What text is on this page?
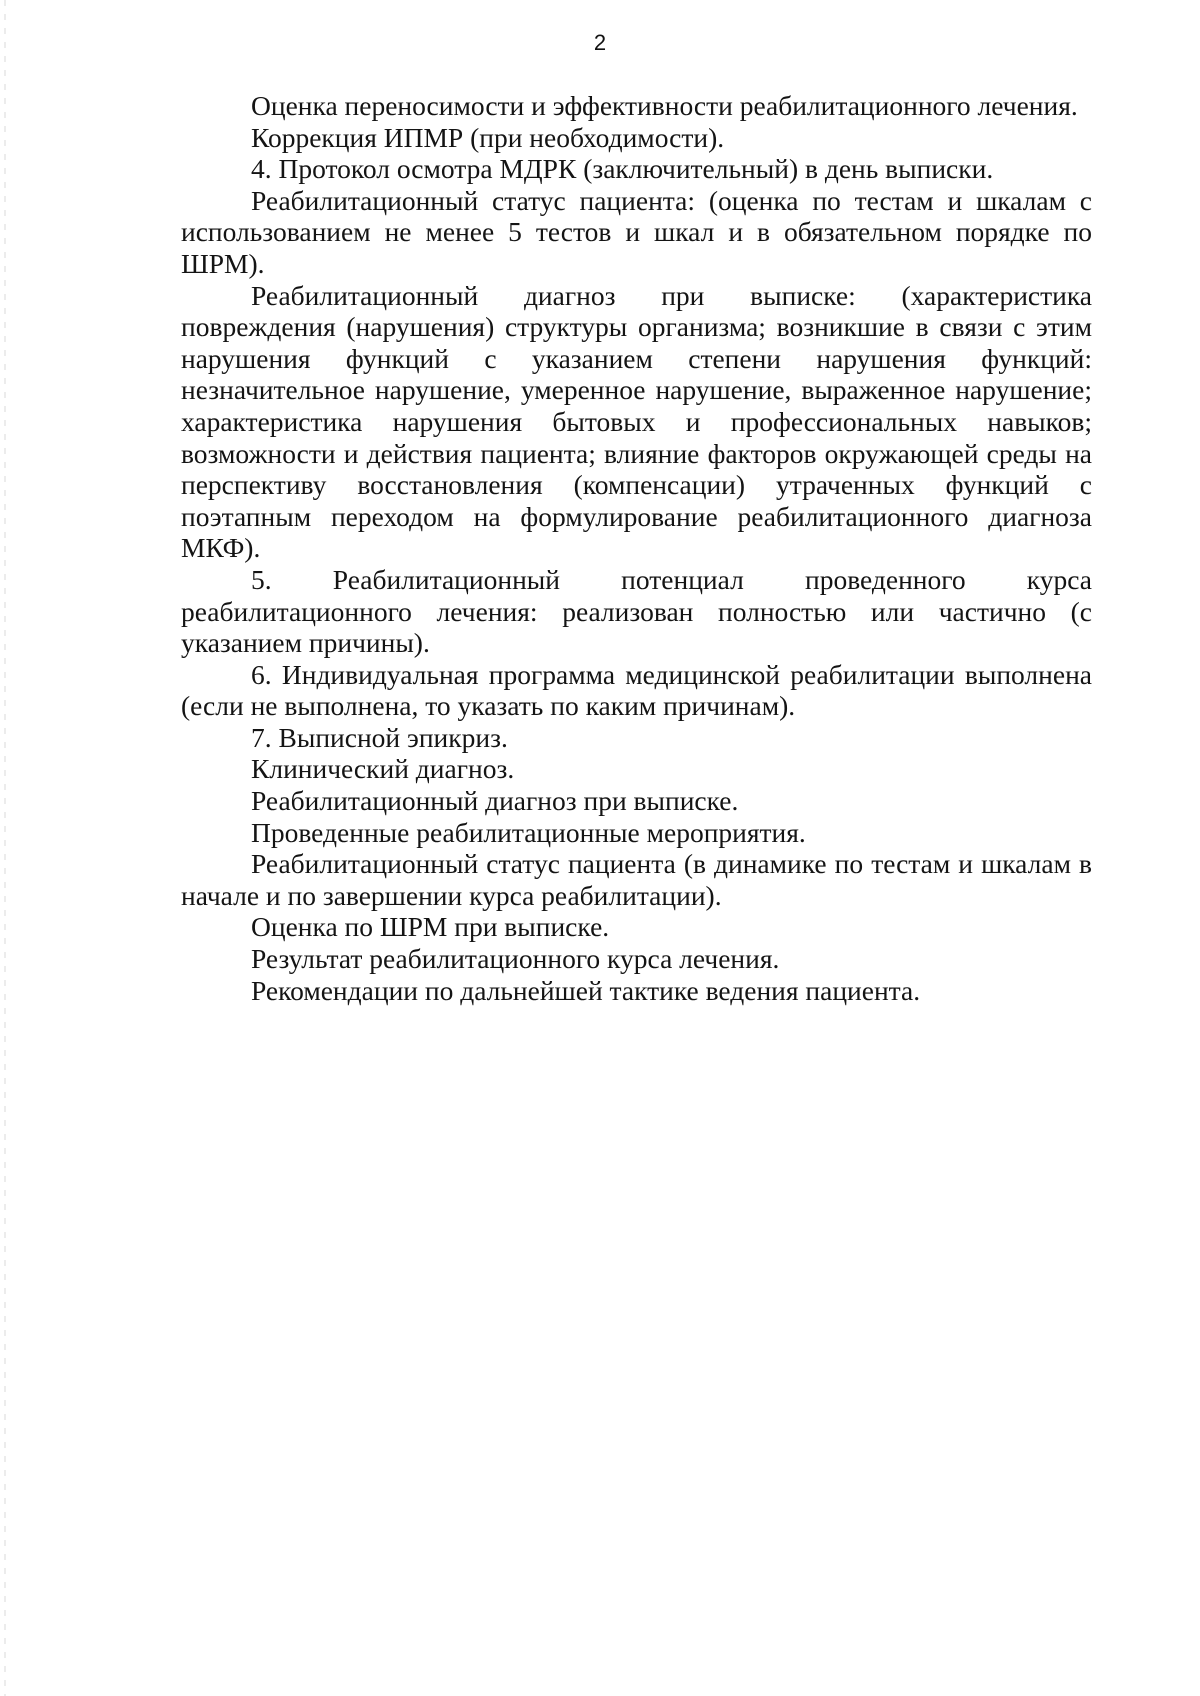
2

Оценка переносимости и эффективности реабилитационного лечения.

Коррекция ИПМР (при необходимости).

4. Протокол осмотра МДРК (заключительный) в день выписки.

Реабилитационный статус пациента: (оценка по тестам и шкалам с использованием не менее 5 тестов и шкал и в обязательном порядке по ШРМ).

Реабилитационный диагноз при выписке: (характеристика повреждения (нарушения) структуры организма; возникшие в связи с этим нарушения функций с указанием степени нарушения функций: незначительное нарушение, умеренное нарушение, выраженное нарушение; характеристика нарушения бытовых и профессиональных навыков; возможности и действия пациента; влияние факторов окружающей среды на перспективу восстановления (компенсации) утраченных функций с поэтапным переходом на формулирование реабилитационного диагноза МКФ).

5. Реабилитационный потенциал проведенного курса реабилитационного лечения: реализован полностью или частично (с указанием причины).

6. Индивидуальная программа медицинской реабилитации выполнена (если не выполнена, то указать по каким причинам).

7. Выписной эпикриз.

Клинический диагноз.

Реабилитационный диагноз при выписке.

Проведенные реабилитационные мероприятия.

Реабилитационный статус пациента (в динамике по тестам и шкалам в начале и по завершении курса реабилитации).

Оценка по ШРМ при выписке.

Результат реабилитационного курса лечения.

Рекомендации по дальнейшей тактике ведения пациента.
